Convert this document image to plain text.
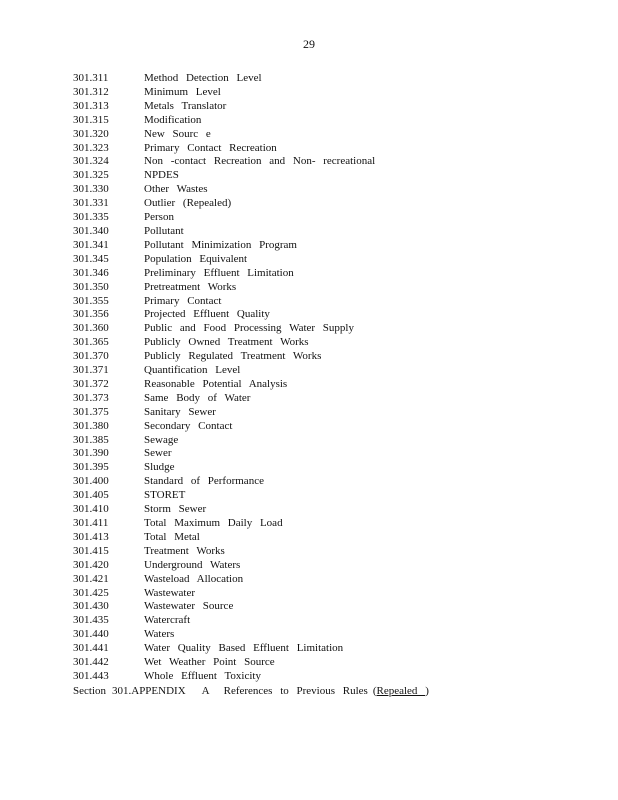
29
301.311	Method Detection Level
301.312	Minimum Level
301.313	Metals Translator
301.315	Modification
301.320	New Sourc e
301.323	Primary Contact Recreation
301.324	Non -contact Recreation and Non- recreational
301.325	NPDES
301.330	Other Wastes
301.331	Outlier (Repealed)
301.335	Person
301.340	Pollutant
301.341	Pollutant Minimization Program
301.345	Population Equivalent
301.346	Preliminary Effluent Limitation
301.350	Pretreatment Works
301.355	Primary Contact
301.356	Projected Effluent Quality
301.360	Public and Food Processing Water Supply
301.365	Publicly Owned Treatment Works
301.370	Publicly Regulated Treatment Works
301.371	Quantification Level
301.372	Reasonable Potential Analysis
301.373	Same Body of Water
301.375	Sanitary Sewer
301.380	Secondary Contact
301.385	Sewage
301.390	Sewer
301.395	Sludge
301.400	Standard of Performance
301.405	STORET
301.410	Storm Sewer
301.411	Total Maximum Daily Load
301.413	Total Metal
301.415	Treatment Works
301.420	Underground Waters
301.421	Wasteload Allocation
301.425	Wastewater
301.430	Wastewater Source
301.435	Watercraft
301.440	Waters
301.441	Water Quality Based Effluent Limitation
301.442	Wet Weather Point Source
301.443	Whole Effluent Toxicity
Section 301.APPENDIX A References to Previous Rules (Repealed )
